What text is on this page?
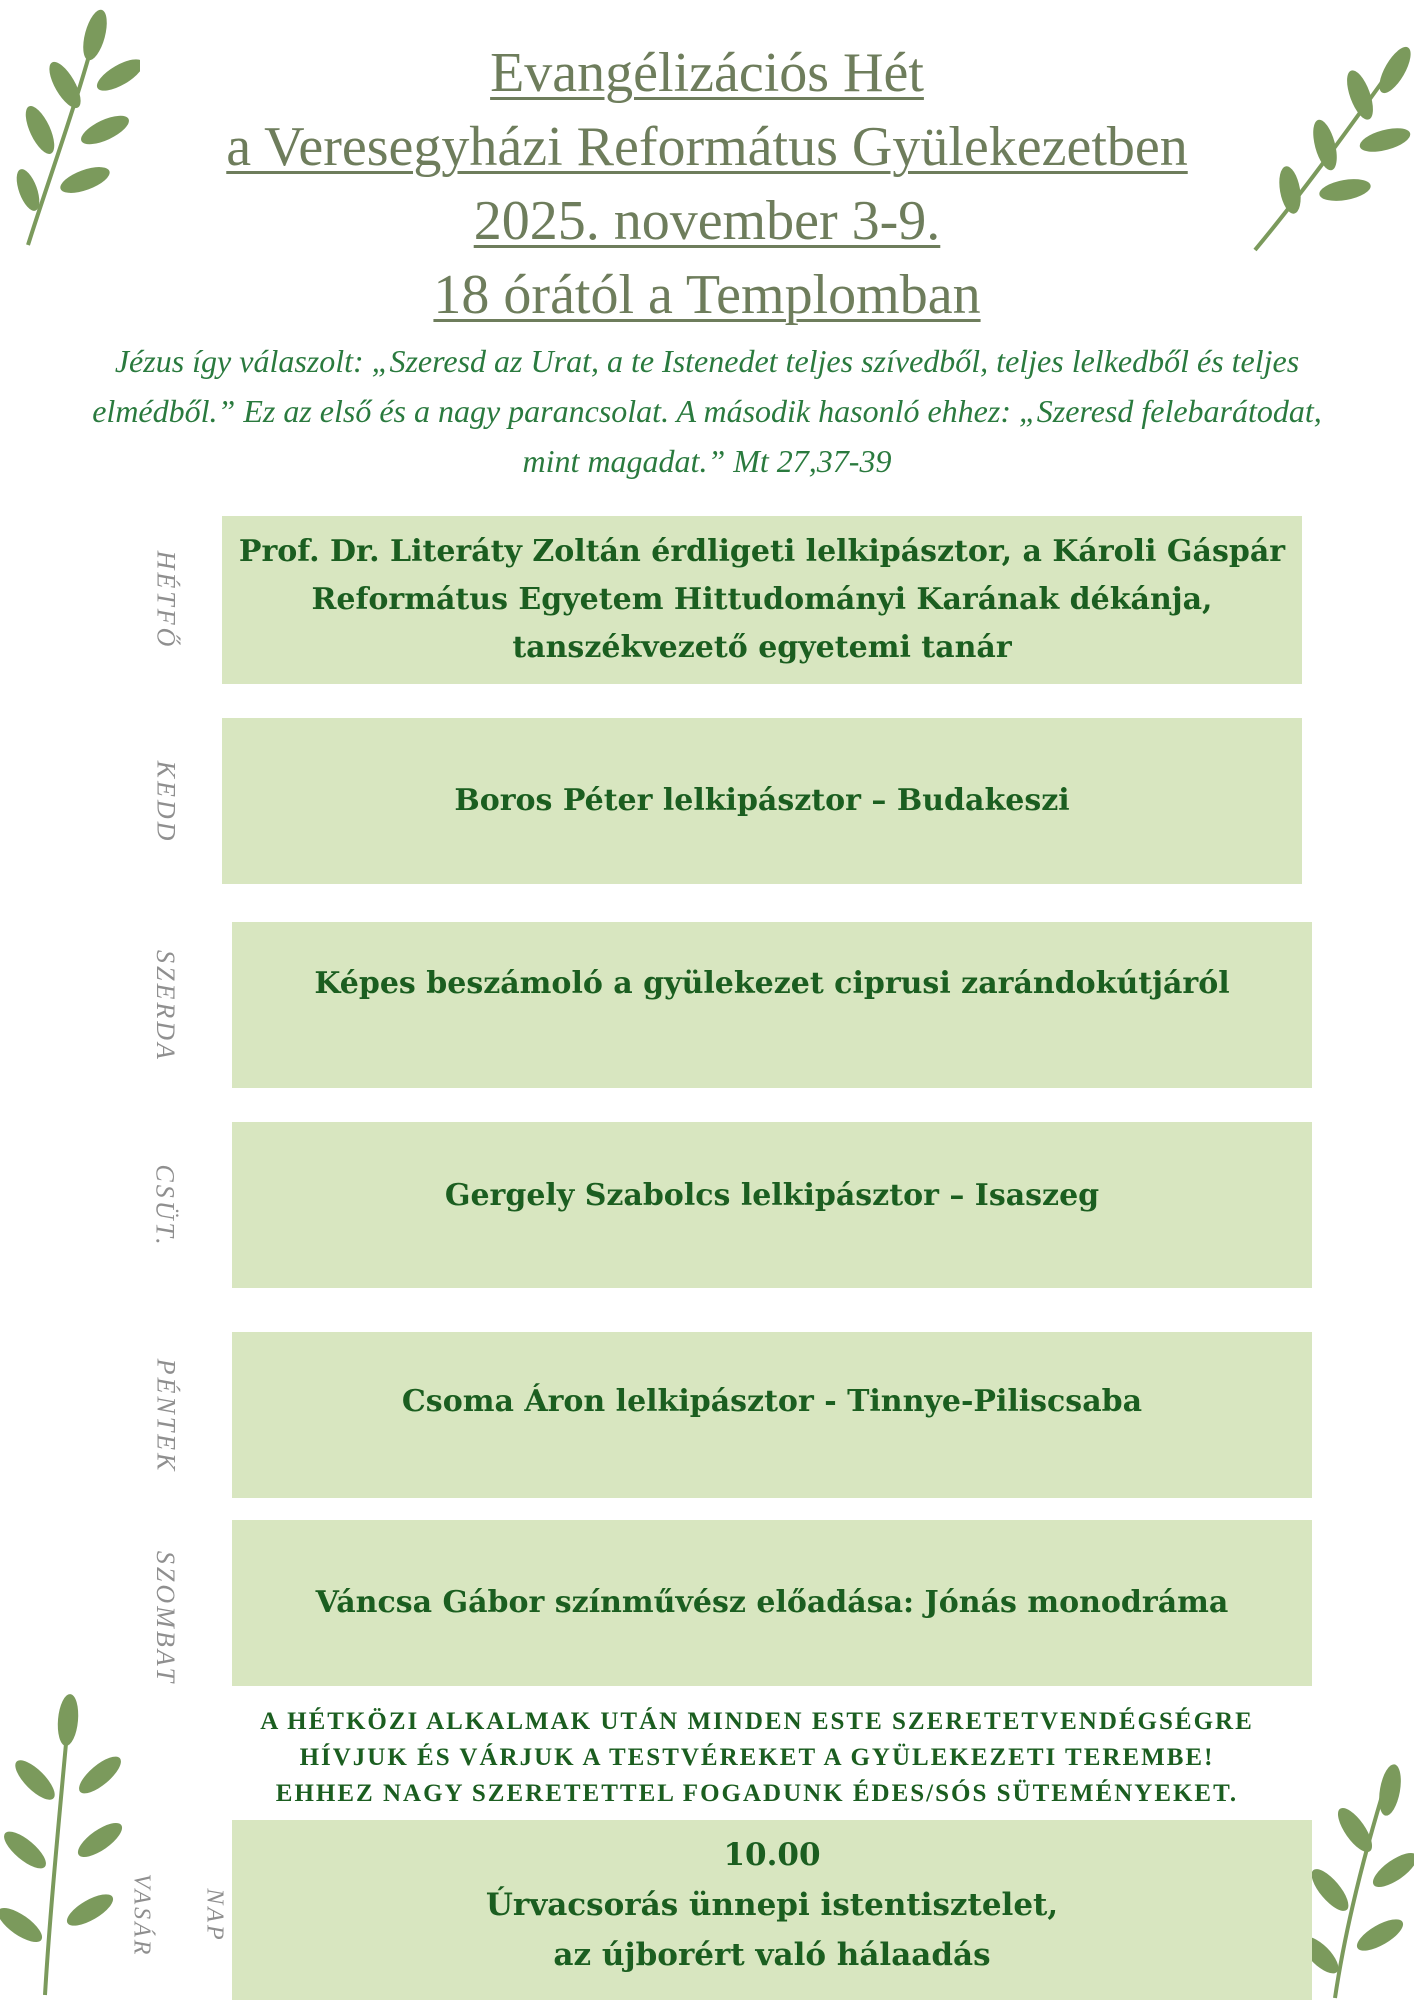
Evangélizációs Hét
a Veresegyházi Református Gyülekezetben
2025. november 3-9.
18 órától a Templomban
Jézus így válaszolt: „Szeresd az Urat, a te Istenedet teljes szívedből, teljes lelkedből és teljes elmédből.” Ez az első és a nagy parancsolat. A második hasonló ehhez: „Szeresd felebarátodat, mint magadat.” Mt 27,37-39
HÉTFŐ
KEDD
SZERDA
CSÜT.
PÉNTEK
SZOMBAT
Prof. Dr. Literáty Zoltán érdligeti lelkipásztor, a Károli Gáspár Református Egyetem Hittudományi Karának dékánja, tanszékvezető egyetemi tanár
Boros Péter lelkipásztor – Budakeszi
Képes beszámoló a gyülekezet ciprusi zarándokútjáról
Gergely Szabolcs lelkipásztor – Isaszeg
Csoma Áron lelkipásztor - Tinnye-Piliscsaba
Váncsa Gábor színművész előadása: Jónás monodráma
A HÉTKÖZI ALKALMAK UTÁN MINDEN ESTE SZERETETVENDÉGSÉGRE
HÍVJUK ÉS VÁRJUK A TESTVÉREKET A GYÜLEKEZETI TEREMBE!
EHHEZ NAGY SZERETETTEL FOGADUNK ÉDES/SÓS SÜTEMÉNYEKET.
VASÁR NAP
10.00
Úrvacsorás ünnepi istentisztelet,
az újborért való hálaadás
